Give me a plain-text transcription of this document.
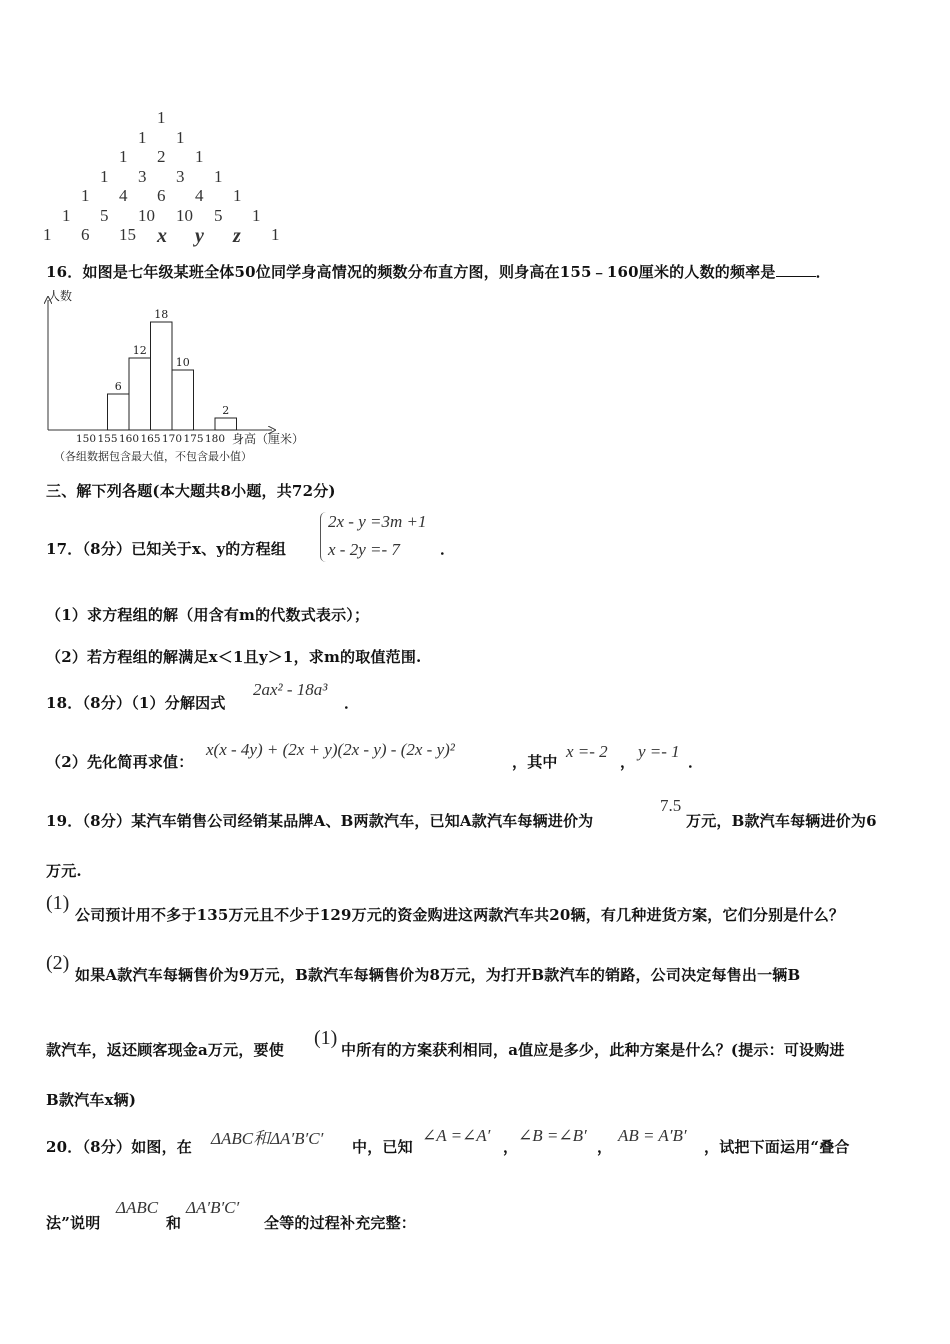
1
1 1
1 2 1
1 3 3 1
1 4 6 4 1
1 5 10 10 5 1
1 6 15 x y z 1
16．如图是七年级某班全体50位同学身高情况的频数分布直方图，则身高在155﹣160厘米的人数的频率是	．
人数
身高（厘米）
（各组数据包含最大值，不包含最小值）
6
12
18
10
2
150 155 160 165 170 175 180
三、解下列各题(本大题共8小题，共72分)
17．（8分）已知关于x、y的方程组
2x - y =3m +1
x - 2y =- 7	．
（1）求方程组的解（用含有m的代数式表示）；
（2）若方程组的解满足x＜1且y＞1，求m的取值范围.
18．（8分）（1）分解因式
2ax² - 18a³
．
（2）先化简再求值：
x(x - 4y) + (2x + y)(2x - y) - (2x - y)²
，其中
x =- 2
，
y =- 1
．
19．（8分）某汽车销售公司经销某品牌A、B两款汽车，已知A款汽车每辆进价为
7.5
万元，B款汽车每辆进价为6
万元.
(1)
公司预计用不多于135万元且不少于129万元的资金购进这两款汽车共20辆，有几种进货方案，它们分别是什么？
(2)
如果A款汽车每辆售价为9万元，B款汽车每辆售价为8万元，为打开B款汽车的销路，公司决定每售出一辆B
款汽车，返还顾客现金a万元，要使
(1)
中所有的方案获利相同，a值应是多少，此种方案是什么？(提示：可设购进
B款汽车x辆)
20．（8分）如图，在 ΔABC和ΔA′B′C′ 中，已知
∠A =∠A′
，
∠B =∠B′
，
AB = A′B′
，试把下面运用“叠合
法”说明
ΔABC
和
ΔA′B′C′
全等的过程补充完整：
